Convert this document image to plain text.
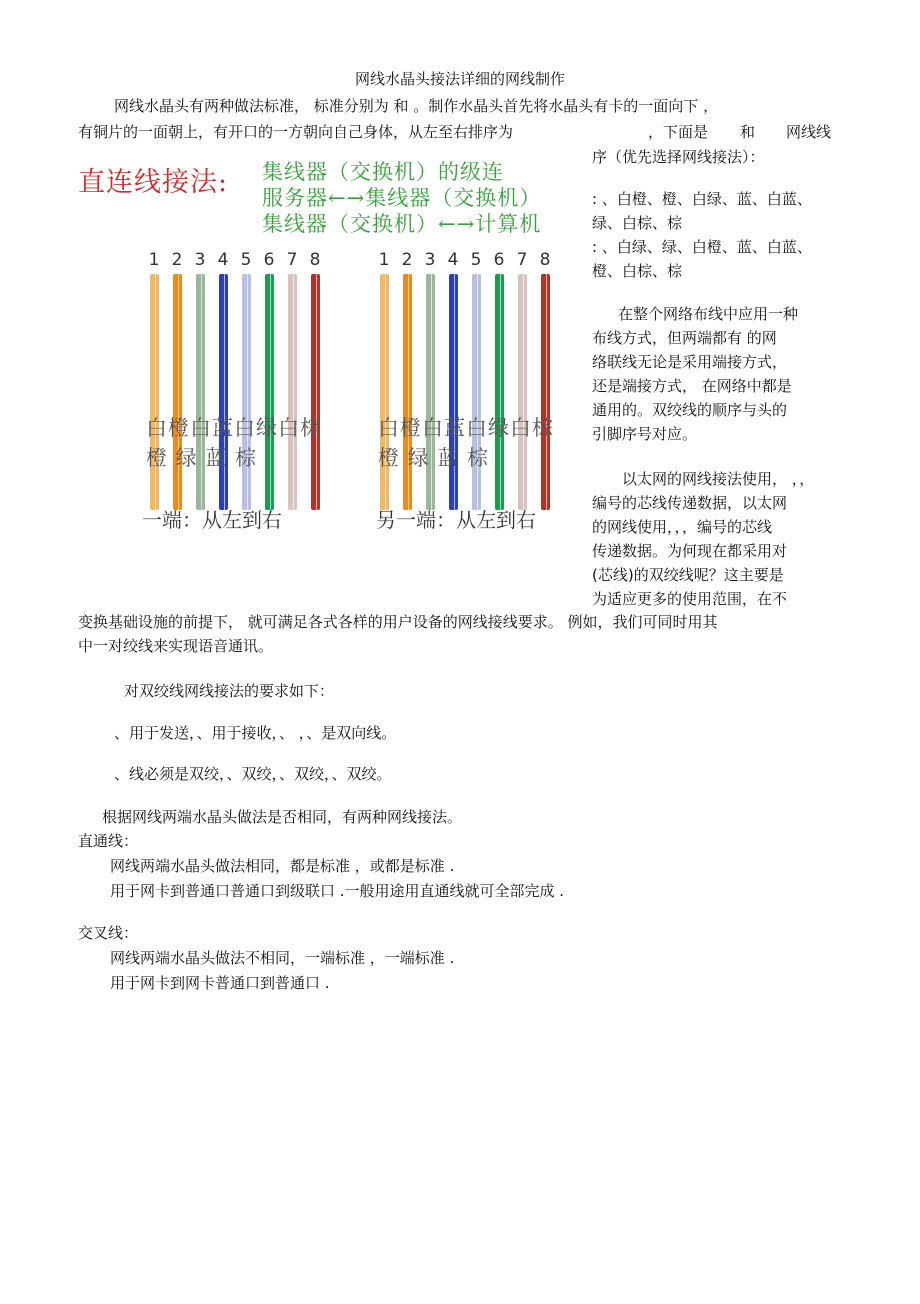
网线水晶头接法详细的网线制作
网线水晶头有两种做法标准， 标准分别为 和 。制作水晶头首先将水晶头有卡的一面向下 ，
有铜片的一面朝上，有开口的一方朝向自己身体，从左至右排序为	，下面是 和 网线线
直连线接法: 集线器（交换机）的级连
服务器←→集线器（交换机）
集线器（交换机）←→计算机
1 2 3 4 5 6 7 8	1 2 3 4 5 6 7 8
白橙白蓝白绿白棕
橙 绿 蓝 棕
白橙白蓝白绿白棕
橙 绿 蓝 棕
一端：从左到右	另一端：从左到右
序（优先选择网线接法）：
: 、白橙、橙、白绿、蓝、白蓝、
绿、白棕、棕
: 、白绿、绿、白橙、蓝、白蓝、
橙、白棕、棕
在整个网络布线中应用一种
布线方式，但两端都有 的网
络联线无论是采用端接方式，
还是端接方式， 在网络中都是
通用的。双绞线的顺序与头的
引脚序号对应。
以太网的网线接法使用， ，，
编号的芯线传递数据，以太网
的网线使用，，，编号的芯线
传递数据。为何现在都采用对
(芯线)的双绞线呢？这主要是
为适应更多的使用范围，在不
变换基础设施的前提下， 就可满足各式各样的用户设备的网线接线要求。 例如，我们可同时用其
中一对绞线来实现语音通讯。
对双绞线网线接法的要求如下：
、用于发送，、用于接收，、 ，、是双向线。
、线必须是双绞，、双绞，、双绞，、双绞。
根据网线两端水晶头做法是否相同，有两种网线接法。
直通线：
网线两端水晶头做法相同，都是标准 ，或都是标准 .
用于网卡到普通口普通口到级联口 .一般用途用直通线就可全部完成 .
交叉线：
网线两端水晶头做法不相同，一端标准 ，一端标准 .
用于网卡到网卡普通口到普通口 .
